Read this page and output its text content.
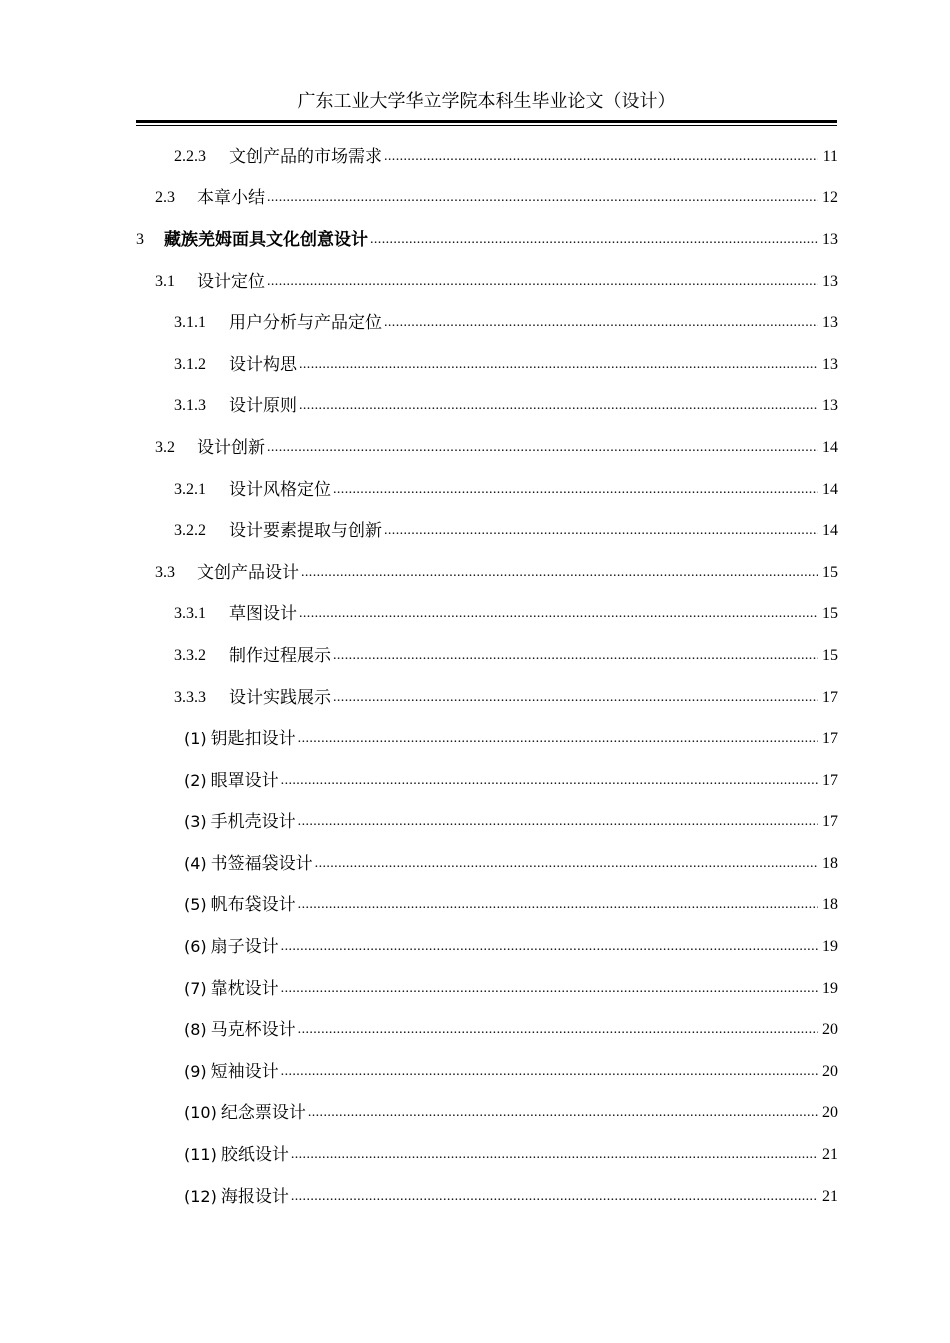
广东工业大学华立学院本科生毕业论文（设计）
2.2.3	文创产品的市场需求 .....	11
2.3	本章小结 .....	12
3	藏族羌姆面具文化创意设计 .....	13
3.1	设计定位 .....	13
3.1.1	用户分析与产品定位 .....	13
3.1.2	设计构思 .....	13
3.1.3	设计原则 .....	13
3.2	设计创新 .....	14
3.2.1	设计风格定位 .....	14
3.2.2	设计要素提取与创新 .....	14
3.3	文创产品设计 .....	15
3.3.1	草图设计 .....	15
3.3.2	制作过程展示 .....	15
3.3.3	设计实践展示 .....	17
(1) 钥匙扣设计 .....	17
(2) 眼罩设计 .....	17
(3) 手机壳设计 .....	17
(4) 书签福袋设计 .....	18
(5) 帆布袋设计 .....	18
(6) 扇子设计 .....	19
(7) 靠枕设计 .....	19
(8) 马克杯设计 .....	20
(9) 短袖设计 .....	20
(10) 纪念票设计 .....	20
(11) 胶纸设计 .....	21
(12) 海报设计 .....	21
